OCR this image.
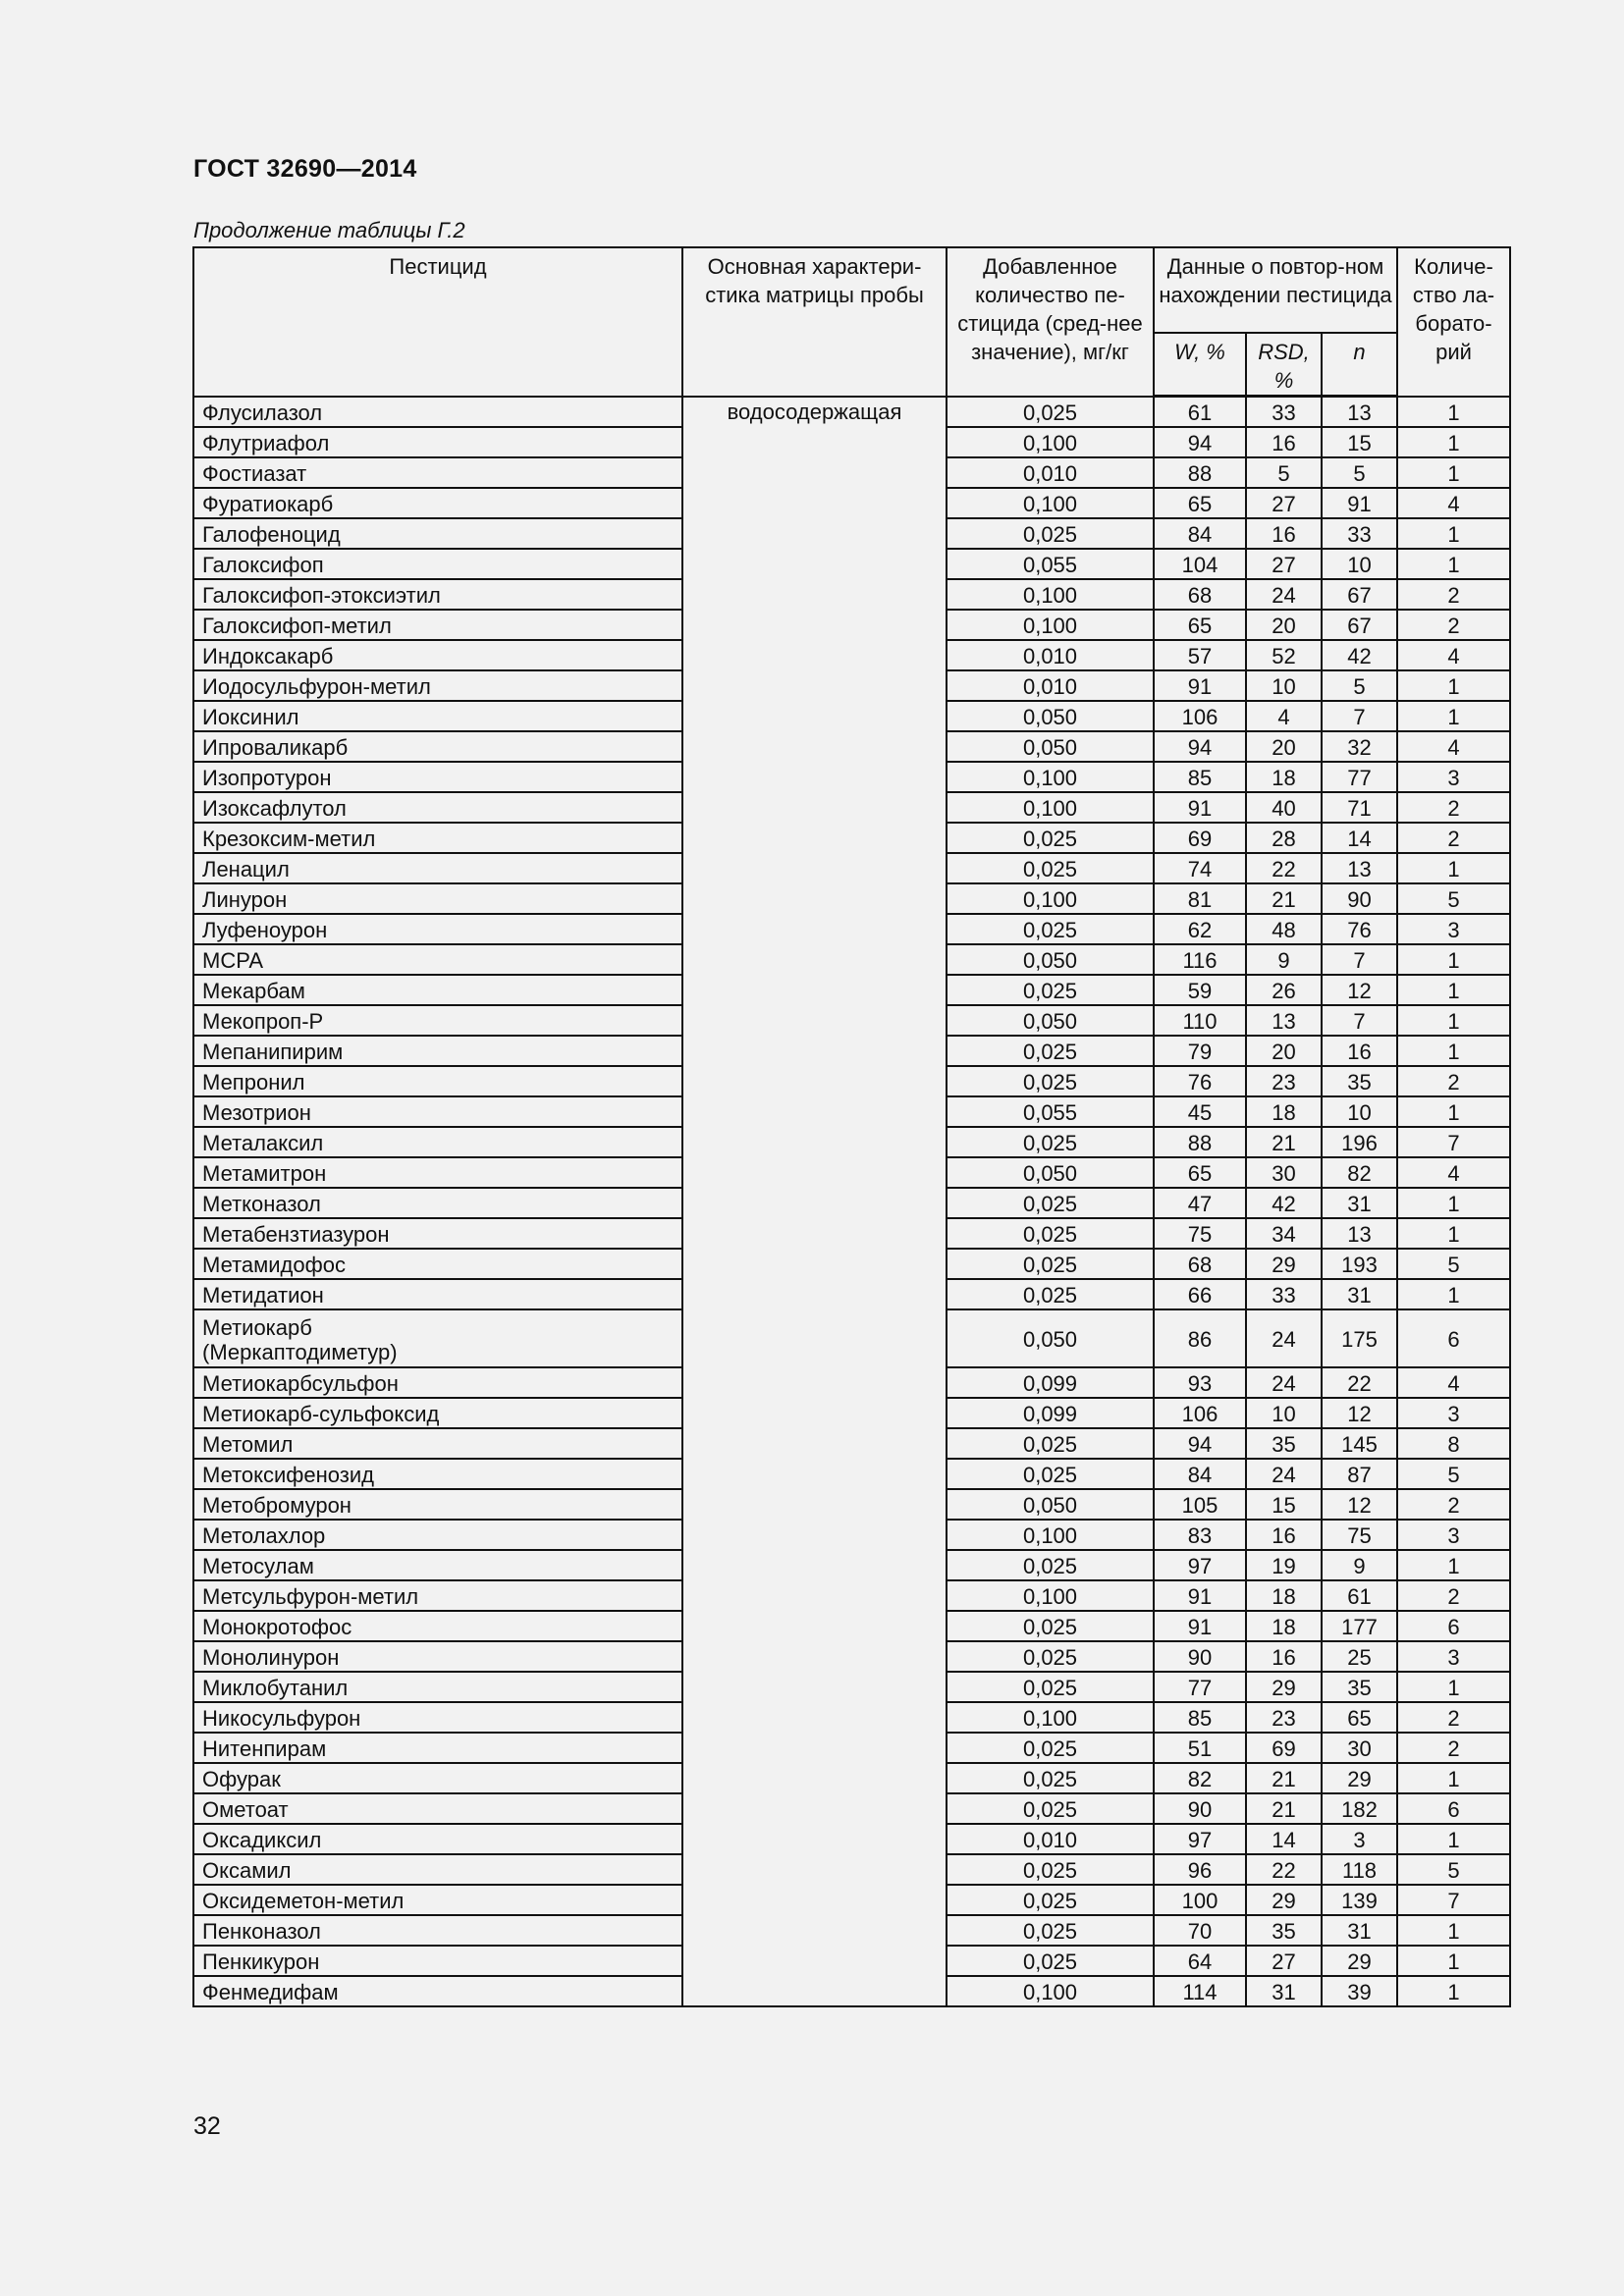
ГОСТ 32690—2014
Продолжение таблицы Г.2
Пестицид	Основная характери-стика матрицы пробы	Добавленное количество пе-стицида (сред-нее значение), мг/кг	Данные о повтор-ном нахождении пестицида			Количе-ство ла-борато-рий
			W, %	RSD, %	n	
Флусилазол	водосодержащая	0,025	61	33	13	1
Флутриафол		0,100	94	16	15	1
Фостиазат		0,010	88	5	5	1
Фуратиокарб		0,100	65	27	91	4
Галофеноцид		0,025	84	16	33	1
Галоксифоп		0,055	104	27	10	1
Галоксифоп-этоксиэтил		0,100	68	24	67	2
Галоксифоп-метил		0,100	65	20	67	2
Индоксакарб		0,010	57	52	42	4
Иодосульфурон-метил		0,010	91	10	5	1
Иоксинил		0,050	106	4	7	1
Ипроваликарб		0,050	94	20	32	4
Изопротурон		0,100	85	18	77	3
Изоксафлутол		0,100	91	40	71	2
Крезоксим-метил		0,025	69	28	14	2
Ленацил		0,025	74	22	13	1
Линурон		0,100	81	21	90	5
Луфеноурон		0,025	62	48	76	3
МСРА		0,050	116	9	7	1
Мекарбам		0,025	59	26	12	1
Мекопроп-Р		0,050	110	13	7	1
Мепанипирим		0,025	79	20	16	1
Мепронил		0,025	76	23	35	2
Мезотрион		0,055	45	18	10	1
Металаксил		0,025	88	21	196	7
Метамитрон		0,050	65	30	82	4
Метконазол		0,025	47	42	31	1
Метабензтиазурон		0,025	75	34	13	1
Метамидофос		0,025	68	29	193	5
Метидатион		0,025	66	33	31	1
Метиокарб
(Меркаптодиметур)		0,050	86	24	175	6
Метиокарбсульфон		0,099	93	24	22	4
Метиокарб-сульфоксид		0,099	106	10	12	3
Метомил		0,025	94	35	145	8
Метоксифенозид		0,025	84	24	87	5
Метобромурон		0,050	105	15	12	2
Метолахлор		0,100	83	16	75	3
Метосулам		0,025	97	19	9	1
Метсульфурон-метил		0,100	91	18	61	2
Монокротофос		0,025	91	18	177	6
Монолинурон		0,025	90	16	25	3
Миклобутанил		0,025	77	29	35	1
Никосульфурон		0,100	85	23	65	2
Нитенпирам		0,025	51	69	30	2
Офурак		0,025	82	21	29	1
Ометоат		0,025	90	21	182	6
Оксадиксил		0,010	97	14	3	1
Оксамил		0,025	96	22	118	5
Оксидеметон-метил		0,025	100	29	139	7
Пенконазол		0,025	70	35	31	1
Пенкикурон		0,025	64	27	29	1
Фенмедифам		0,100	114	31	39	1
32
